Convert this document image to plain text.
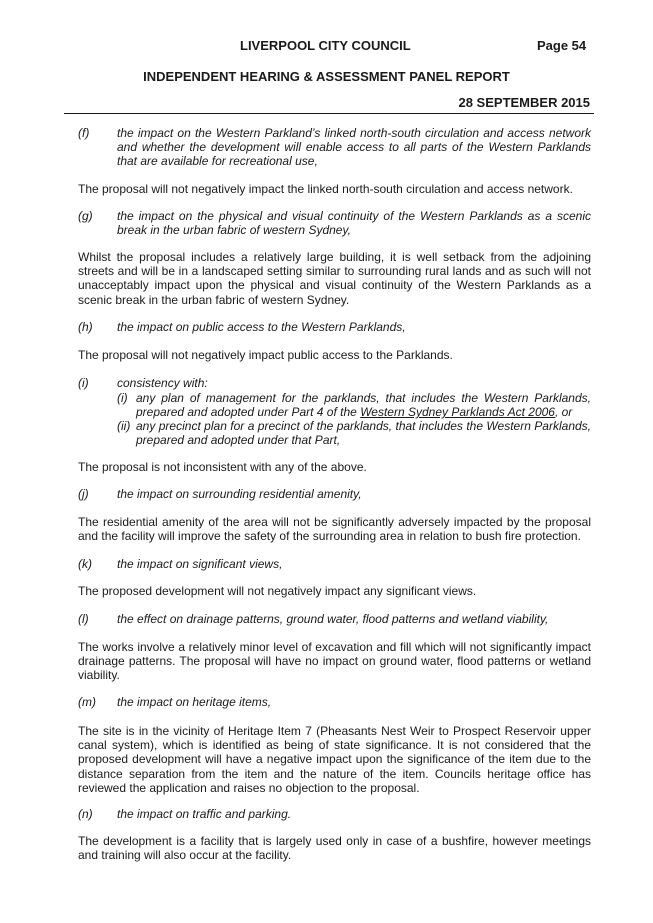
LIVERPOOL CITY COUNCIL	Page 54
INDEPENDENT HEARING & ASSESSMENT PANEL REPORT
28 SEPTEMBER 2015
(f) the impact on the Western Parkland’s linked north-south circulation and access network and whether the development will enable access to all parts of the Western Parklands that are available for recreational use,
The proposal will not negatively impact the linked north-south circulation and access network.
(g) the impact on the physical and visual continuity of the Western Parklands as a scenic break in the urban fabric of western Sydney,
Whilst the proposal includes a relatively large building, it is well setback from the adjoining streets and will be in a landscaped setting similar to surrounding rural lands and as such will not unacceptably impact upon the physical and visual continuity of the Western Parklands as a scenic break in the urban fabric of western Sydney.
(h) the impact on public access to the Western Parklands,
The proposal will not negatively impact public access to the Parklands.
(i) consistency with:
(i) any plan of management for the parklands, that includes the Western Parklands, prepared and adopted under Part 4 of the Western Sydney Parklands Act 2006, or
(ii) any precinct plan for a precinct of the parklands, that includes the Western Parklands, prepared and adopted under that Part,
The proposal is not inconsistent with any of the above.
(j) the impact on surrounding residential amenity,
The residential amenity of the area will not be significantly adversely impacted by the proposal and the facility will improve the safety of the surrounding area in relation to bush fire protection.
(k) the impact on significant views,
The proposed development will not negatively impact any significant views.
(l) the effect on drainage patterns, ground water, flood patterns and wetland viability,
The works involve a relatively minor level of excavation and fill which will not significantly impact drainage patterns. The proposal will have no impact on ground water, flood patterns or wetland viability.
(m) the impact on heritage items,
The site is in the vicinity of Heritage Item 7 (Pheasants Nest Weir to Prospect Reservoir upper canal system), which is identified as being of state significance. It is not considered that the proposed development will have a negative impact upon the significance of the item due to the distance separation from the item and the nature of the item. Councils heritage office has reviewed the application and raises no objection to the proposal.
(n) the impact on traffic and parking.
The development is a facility that is largely used only in case of a bushfire, however meetings and training will also occur at the facility.
